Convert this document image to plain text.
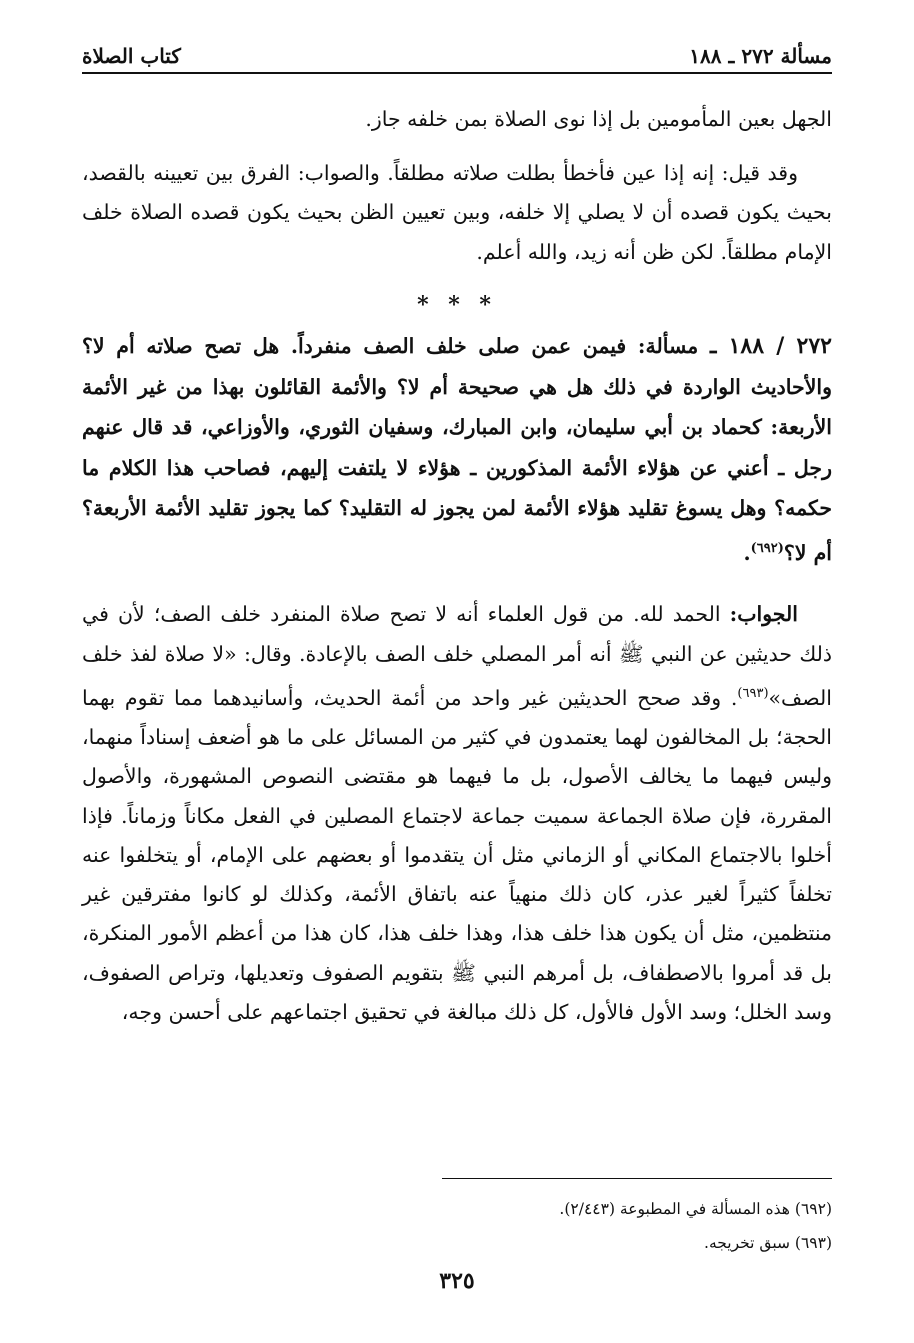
مسألة ٢٧٢ ـ ١٨٨
كتاب الصلاة

الجهل بعين المأمومين بل إذا نوى الصلاة بمن خلفه جاز.

وقد قيل: إنه إذا عين فأخطأ بطلت صلاته مطلقاً. والصواب: الفرق بين تعيينه بالقصد، بحيث يكون قصده أن لا يصلي إلا خلفه، وبين تعيين الظن بحيث يكون قصده الصلاة خلف الإمام مطلقاً. لكن ظن أنه زيد، والله أعلم.

* * *

٢٧٢ / ١٨٨ ـ مسألة: فيمن عمن صلى خلف الصف منفرداً. هل تصح صلاته أم لا؟ والأحاديث الواردة في ذلك هل هي صحيحة أم لا؟ والأئمة القائلون بهذا من غير الأئمة الأربعة: كحماد بن أبي سليمان، وابن المبارك، وسفيان الثوري، والأوزاعي، قد قال عنهم رجل ـ أعني عن هؤلاء الأئمة المذكورين ـ هؤلاء لا يلتفت إليهم، فصاحب هذا الكلام ما حكمه؟ وهل يسوغ تقليد هؤلاء الأئمة لمن يجوز له التقليد؟ كما يجوز تقليد الأئمة الأربعة؟ أم لا؟$^{(٦٩٢)}$.

الجواب: الحمد لله. من قول العلماء أنه لا تصح صلاة المنفرد خلف الصف؛ لأن في ذلك حديثين عن النبي ﷺ أنه أمر المصلي خلف الصف بالإعادة. وقال: «لا صلاة لفذ خلف الصف»$^{(٦٩٣)}$. وقد صحح الحديثين غير واحد من أئمة الحديث، وأسانيدهما مما تقوم بهما الحجة؛ بل المخالفون لهما يعتمدون في كثير من المسائل على ما هو أضعف إسناداً منهما، وليس فيهما ما يخالف الأصول، بل ما فيهما هو مقتضى النصوص المشهورة، والأصول المقررة، فإن صلاة الجماعة سميت جماعة لاجتماع المصلين في الفعل مكاناً وزماناً. فإذا أخلوا بالاجتماع المكاني أو الزماني مثل أن يتقدموا أو بعضهم على الإمام، أو يتخلفوا عنه تخلفاً كثيراً لغير عذر، كان ذلك منهياً عنه باتفاق الأئمة، وكذلك لو كانوا مفترقين غير منتظمين، مثل أن يكون هذا خلف هذا، وهذا خلف هذا، كان هذا من أعظم الأمور المنكرة، بل قد أمروا بالاصطفاف، بل أمرهم النبي ﷺ بتقويم الصفوف وتعديلها، وتراص الصفوف، وسد الخلل؛ وسد الأول فالأول، كل ذلك مبالغة في تحقيق اجتماعهم على أحسن وجه،

(٦٩٢) هذه المسألة في المطبوعة (٢/٤٤٣).
(٦٩٣) سبق تخريجه.
٣٢٥
